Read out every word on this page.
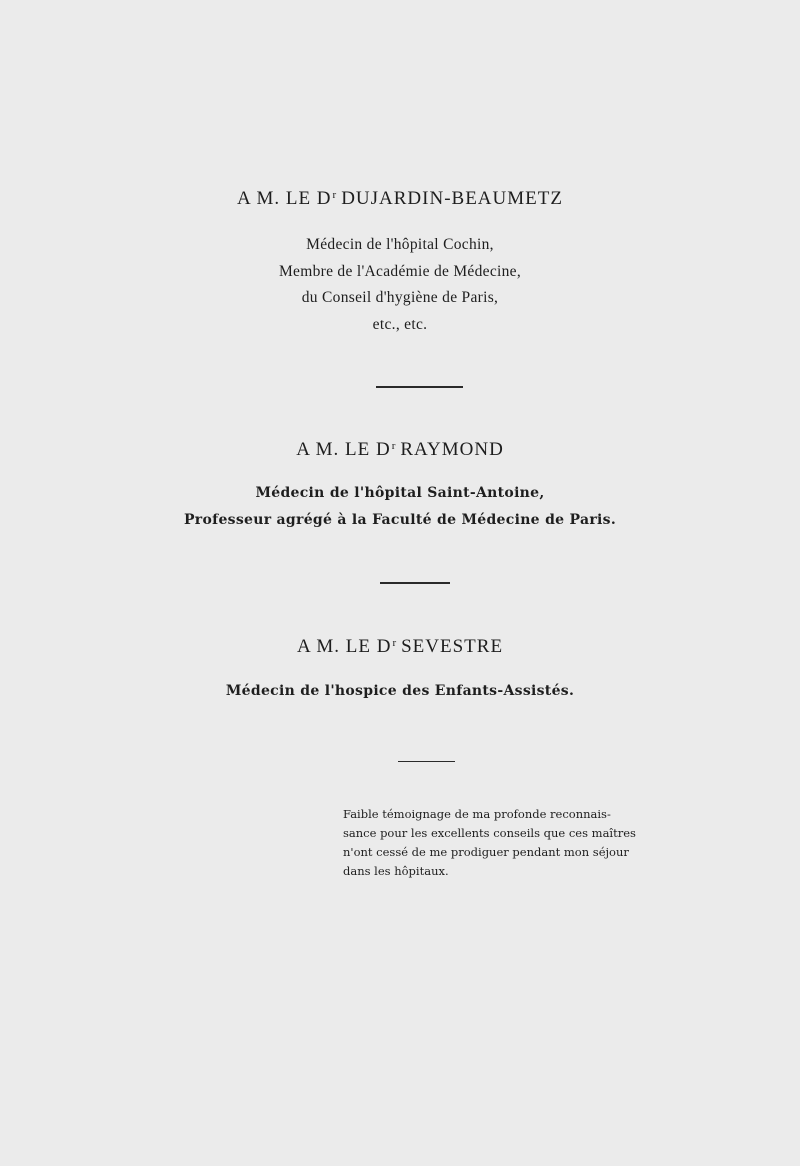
A M. LE $D^r$ DUJARDIN-BEAUMETZ

Médecin de l'hôpital Cochin,

Membre de l'Académie de Médecine,

du Conseil d'hygiène de Paris,

etc., etc.

A M. LE $D^r$ RAYMOND

Médecin de l'hôpital Saint-Antoine,

Professeur agrégé à la Faculté de Médecine de Paris.

A M. LE $D^r$ SEVESTRE

Médecin de l'hospice des Enfants-Assistés.

Faible témoignage de ma profonde reconnais-
sance pour les excellents conseils que ces maîtres
n'ont cessé de me prodiguer pendant mon séjour
dans les hôpitaux.
